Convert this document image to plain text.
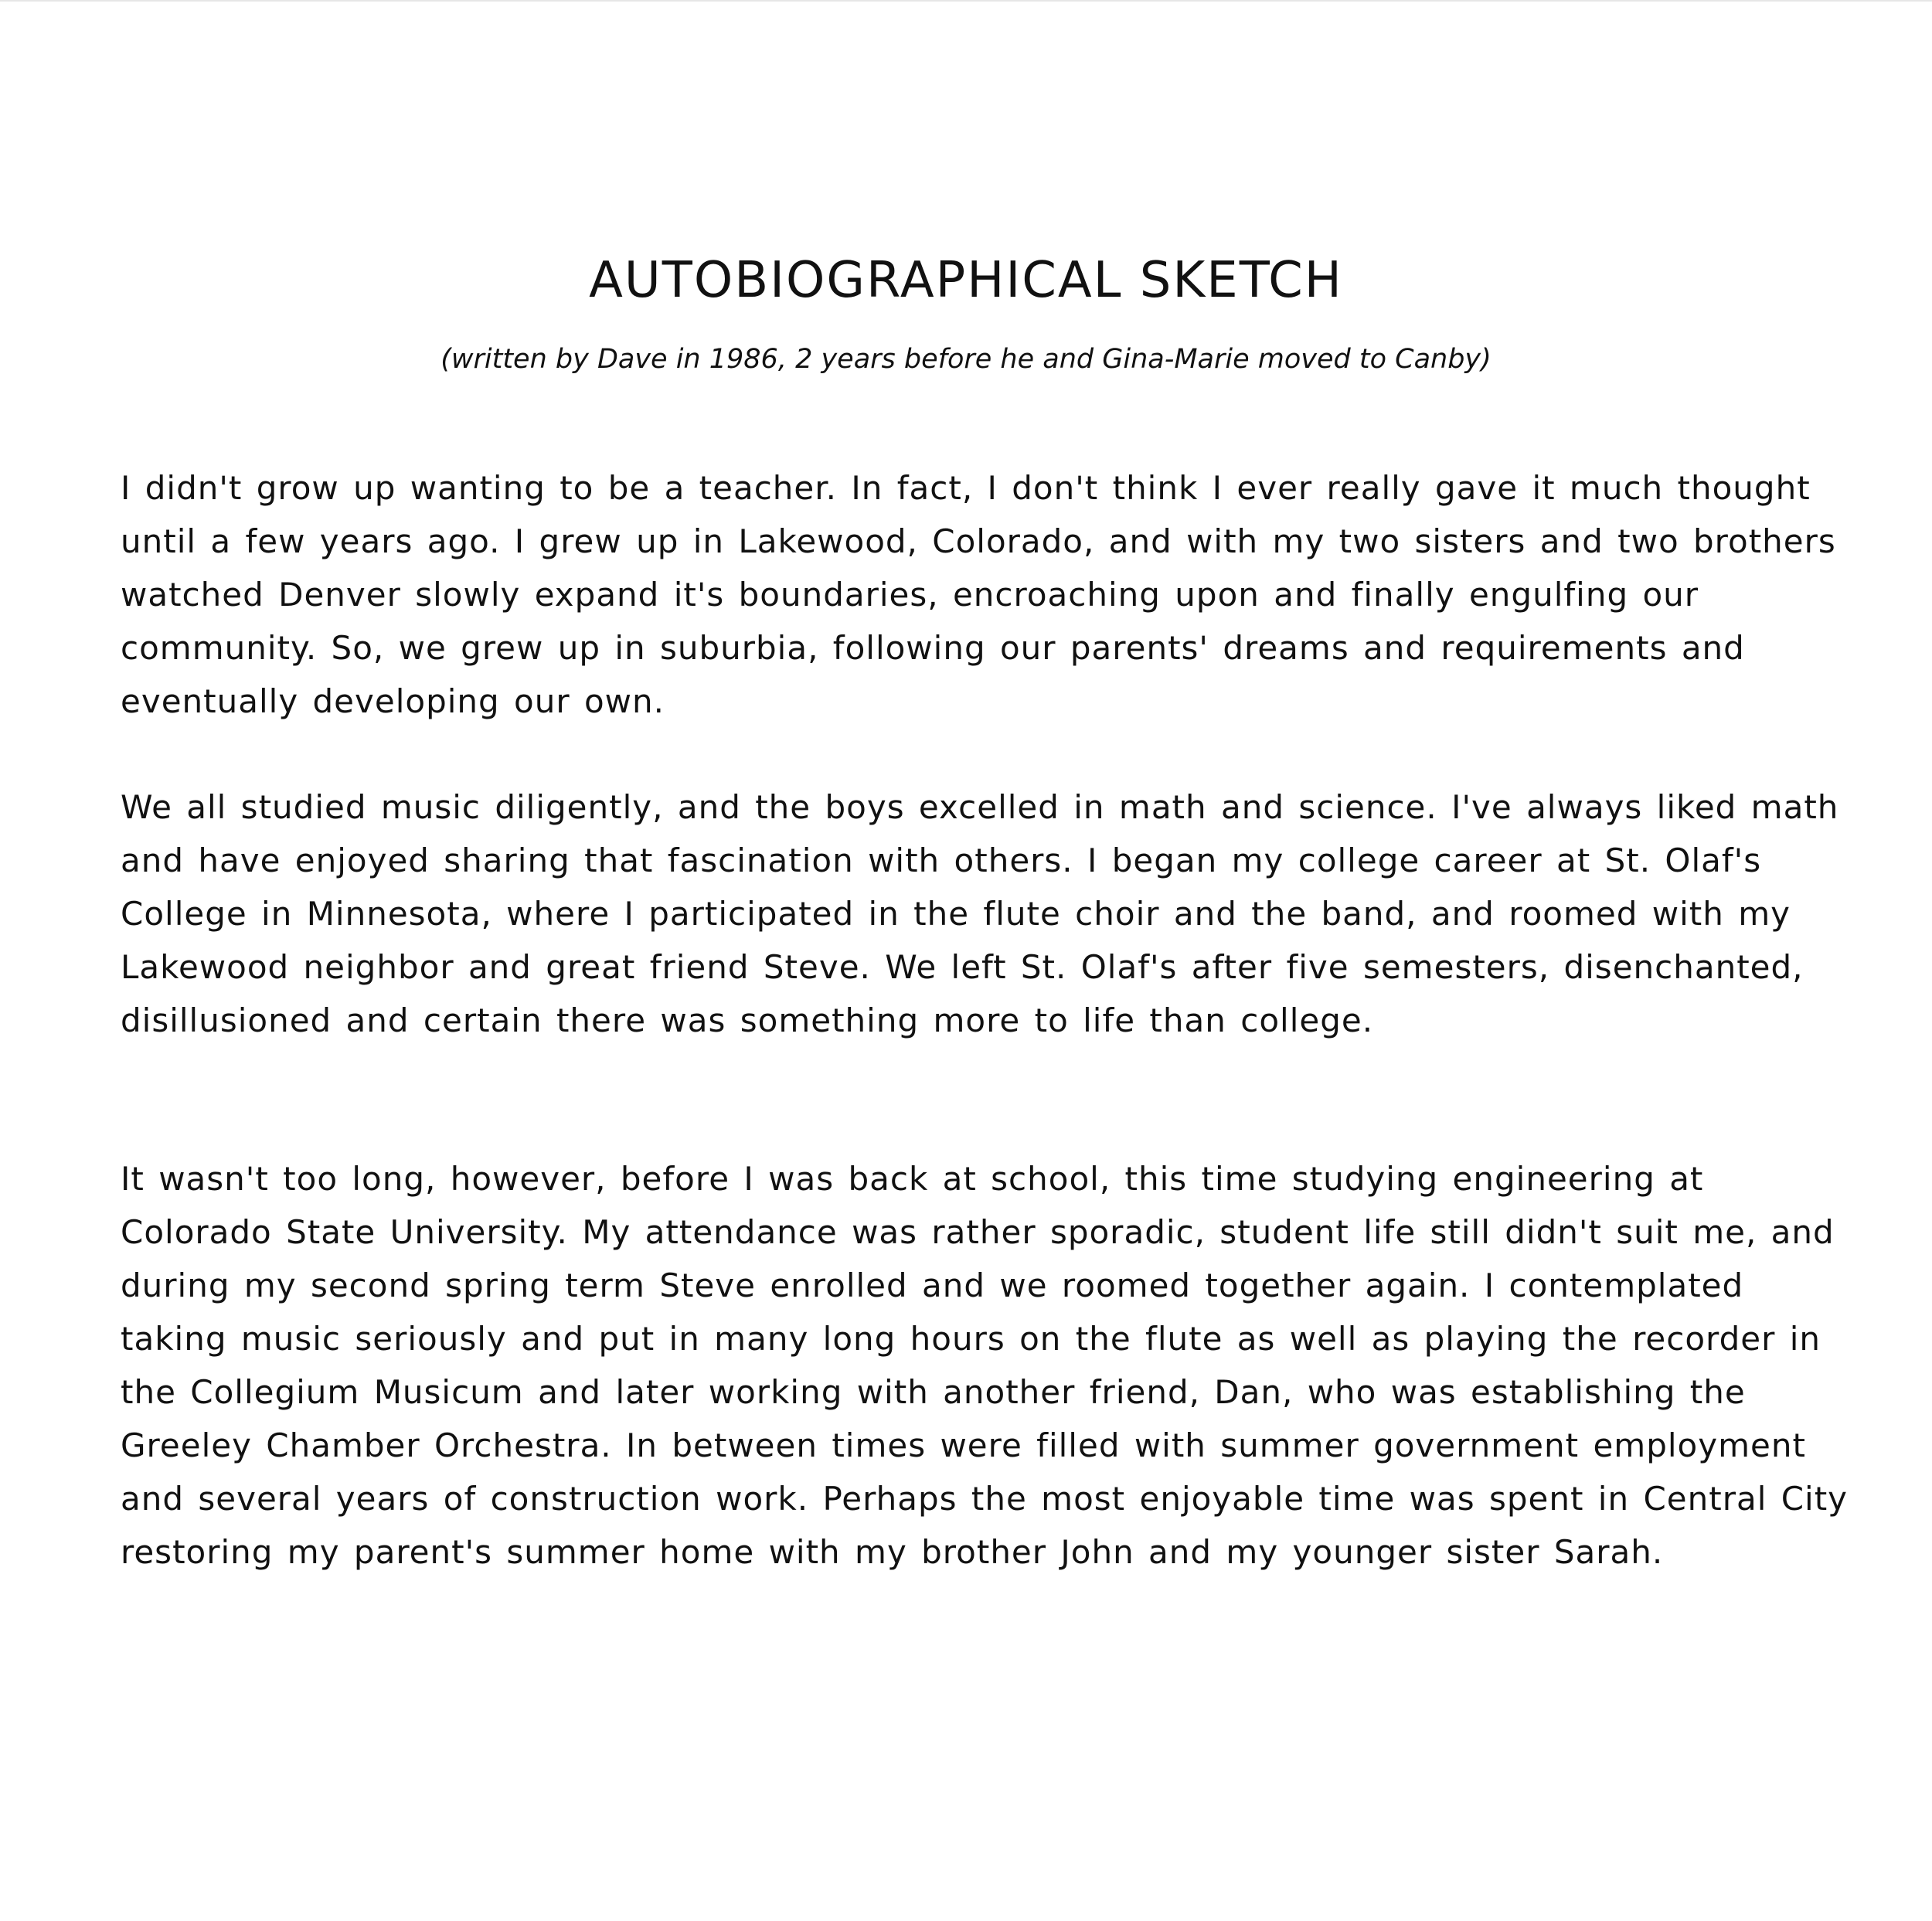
AUTOBIOGRAPHICAL SKETCH

(written by Dave in 1986, 2 years before he and Gina-Marie moved to Canby)

I didn't grow up wanting to be a teacher. In fact, I don't think I ever really gave it much thought until a few years ago. I grew up in Lakewood, Colorado, and with my two sisters and two brothers watched Denver slowly expand it's boundaries, encroaching upon and finally engulfing our community. So, we grew up in suburbia, following our parents' dreams and requirements and eventually developing our own.

We all studied music diligently, and the boys excelled in math and science. I've always liked math and have enjoyed sharing that fascination with others. I began my college career at St. Olaf's College in Minnesota, where I participated in the flute choir and the band, and roomed with my Lakewood neighbor and great friend Steve. We left St. Olaf's after five semesters, disenchanted, disillusioned and certain there was something more to life than college.

It wasn't too long, however, before I was back at school, this time studying engineering at Colorado State University. My attendance was rather sporadic, student life still didn't suit me, and during my second spring term Steve enrolled and we roomed together again. I contemplated taking music seriously and put in many long hours on the flute as well as playing the recorder in the Collegium Musicum and later working with another friend, Dan, who was establishing the Greeley Chamber Orchestra. In between times were filled with summer government employment and several years of construction work. Perhaps the most enjoyable time was spent in Central City restoring my parent's summer home with my brother John and my younger sister Sarah.
